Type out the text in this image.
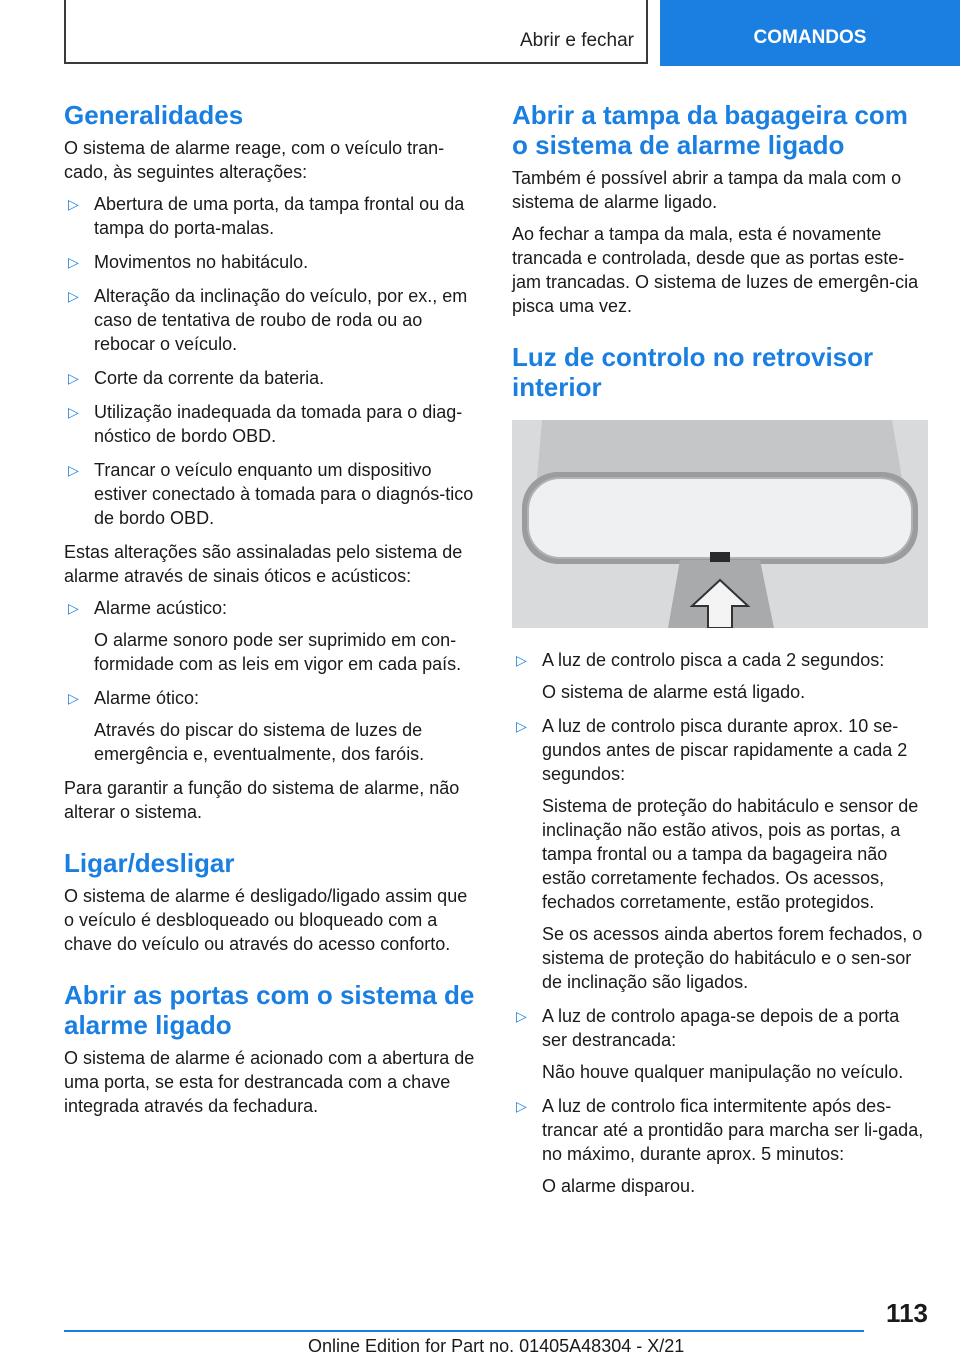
Abrir e fechar	COMANDOS
Generalidades

O sistema de alarme reage, com o veículo tran-cado, às seguintes alterações:

▷ Abertura de uma porta, da tampa frontal ou da tampa do porta-malas.
▷ Movimentos no habitáculo.
▷ Alteração da inclinação do veículo, por ex., em caso de tentativa de roubo de roda ou ao rebocar o veículo.
▷ Corte da corrente da bateria.
▷ Utilização inadequada da tomada para o diag-nóstico de bordo OBD.
▷ Trancar o veículo enquanto um dispositivo estiver conectado à tomada para o diagnós-tico de bordo OBD.

Estas alterações são assinaladas pelo sistema de alarme através de sinais óticos e acústicos:

▷ Alarme acústico:
O alarme sonoro pode ser suprimido em con-formidade com as leis em vigor em cada país.
▷ Alarme ótico:
Através do piscar do sistema de luzes de emergência e, eventualmente, dos faróis.

Para garantir a função do sistema de alarme, não alterar o sistema.

Ligar/desligar

O sistema de alarme é desligado/ligado assim que o veículo é desbloqueado ou bloqueado com a chave do veículo ou através do acesso conforto.

Abrir as portas com o sistema de alarme ligado

O sistema de alarme é acionado com a abertura de uma porta, se esta for destrancada com a chave integrada através da fechadura.

Abrir a tampa da bagageira com o sistema de alarme ligado

Também é possível abrir a tampa da mala com o sistema de alarme ligado.

Ao fechar a tampa da mala, esta é novamente trancada e controlada, desde que as portas este-jam trancadas. O sistema de luzes de emergên-cia pisca uma vez.

Luz de controlo no retrovisor interior
▷ A luz de controlo pisca a cada 2 segundos:
O sistema de alarme está ligado.
▷ A luz de controlo pisca durante aprox. 10 se-gundos antes de piscar rapidamente a cada 2 segundos:
Sistema de proteção do habitáculo e sensor de inclinação não estão ativos, pois as portas, a tampa frontal ou a tampa da bagageira não estão corretamente fechados. Os acessos, fechados corretamente, estão protegidos.
Se os acessos ainda abertos forem fechados, o sistema de proteção do habitáculo e o sen-sor de inclinação são ligados.
▷ A luz de controlo apaga-se depois de a porta ser destrancada:
Não houve qualquer manipulação no veículo.
▷ A luz de controlo fica intermitente após des-trancar até a prontidão para marcha ser li-gada, no máximo, durante aprox. 5 minutos:
O alarme disparou.
113
Online Edition for Part no. 01405A48304 - X/21
